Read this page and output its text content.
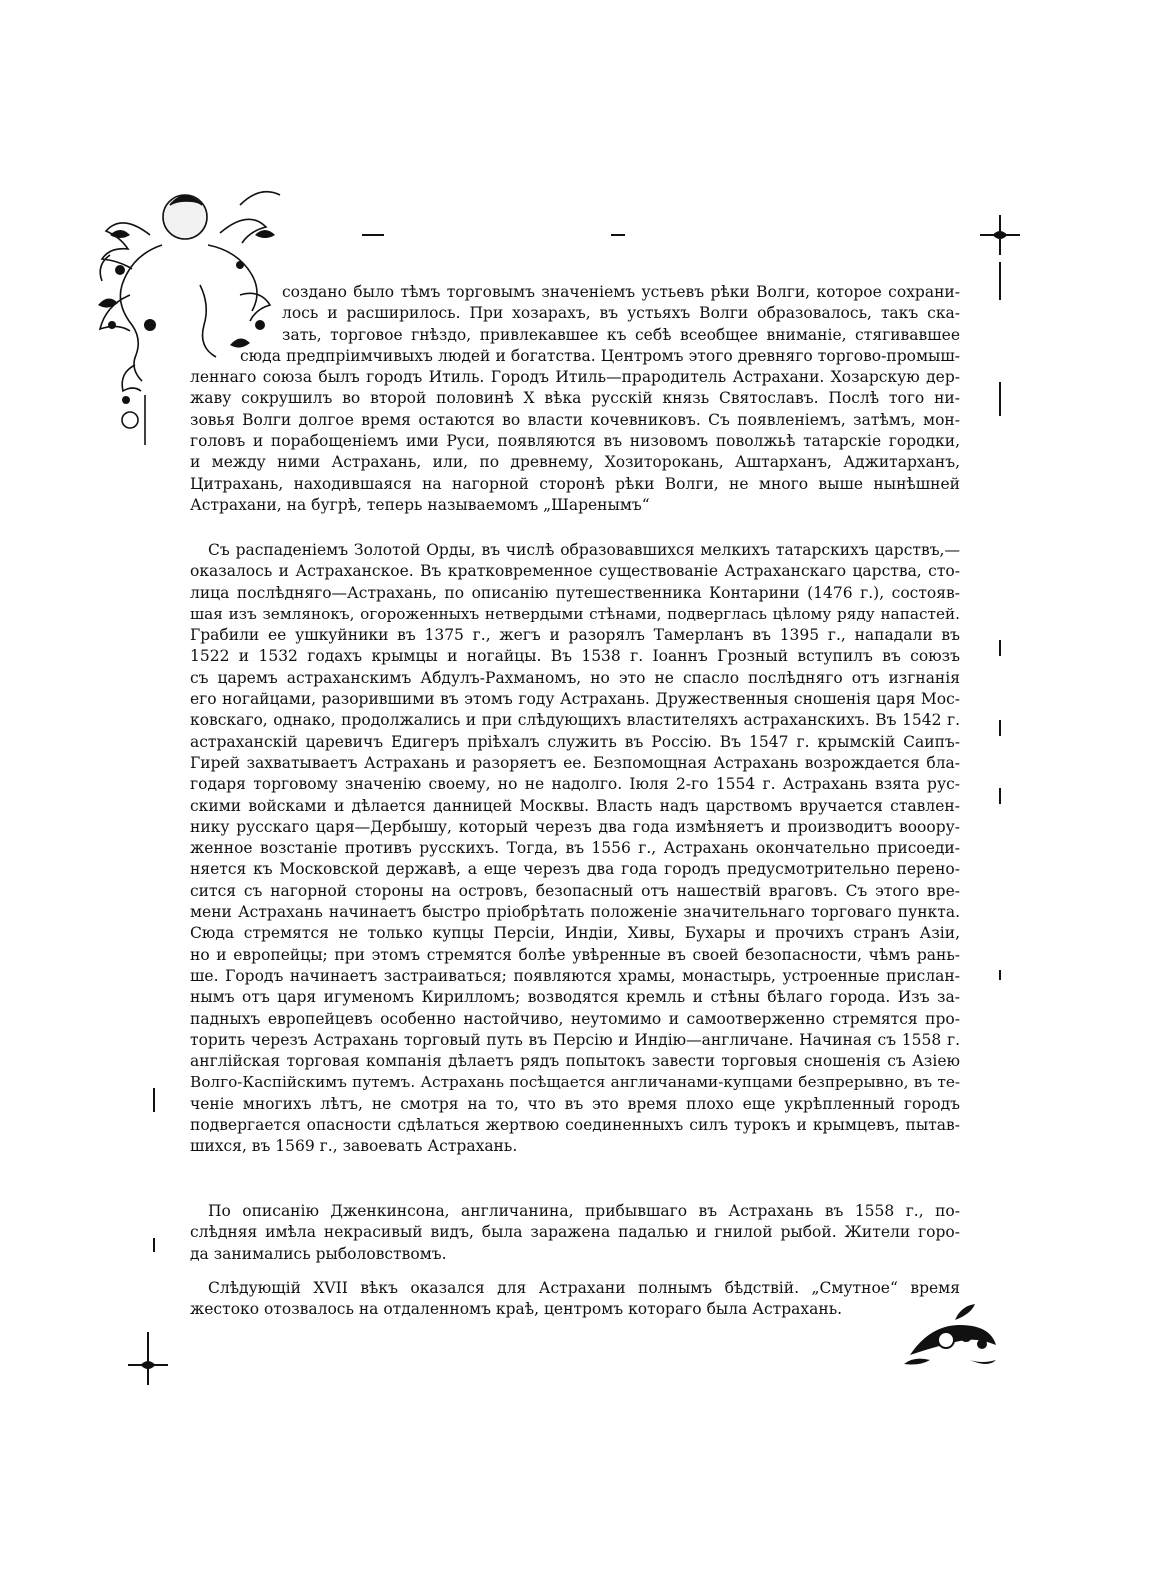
создано было тѣмъ торговымъ значенiемъ устьевъ рѣки Волги, которое сохрани-
лось и расширилось. При хозарахъ, въ устьяхъ Волги образовалось, такъ ска-
зать, торговое гнѣздо, привлекавшее къ себѣ всеобщее вниманiе, стягивавшее
сюда предпрiимчивыхъ людей и богатства. Центромъ этого древняго торгово-промыш-
леннаго союза былъ городъ Итиль. Городъ Итиль—прародитель Астрахани. Хозарскую дер-
жаву сокрушилъ во второй половинѣ X вѣка русскiй князь Святославъ. Послѣ того ни-
зовья Волги долгое время остаются во власти кочевниковъ. Съ появленiемъ, затѣмъ, мон-
головъ и порабощенiемъ ими Руси, появляются въ низовомъ поволжьѣ татарскiе городки,
и между ними Астрахань, или, по древнему, Хозиторокань, Аштарханъ, Аджитарханъ,
Цитрахань, находившаяся на нагорной сторонѣ рѣки Волги, не много выше нынѣшней
Астрахани, на бугрѣ, теперь называемомъ „Шаренымъ“
Съ распаденiемъ Золотой Орды, въ числѣ образовавшихся мелкихъ татарскихъ царствъ,—
оказалось и Астраханское. Въ кратковременное существованiе Астраханскаго царства, сто-
лица послѣдняго—Астрахань, по описанiю путешественника Контарини (1476 г.), состояв-
шая изъ землянокъ, огороженныхъ нетвердыми стѣнами, подверглась цѣлому ряду напастей.
Грабили ее ушкуйники въ 1375 г., жегъ и разорялъ Тамерланъ въ 1395 г., нападали въ
1522 и 1532 годахъ крымцы и ногайцы. Въ 1538 г. Iоаннъ Грозный вступилъ въ союзъ
съ царемъ астраханскимъ Абдулъ-Рахманомъ, но это не спасло послѣдняго отъ изгнанiя
его ногайцами, разорившими въ этомъ году Астрахань. Дружественныя сношенiя царя Мос-
ковскаго, однако, продолжались и при слѣдующихъ властителяхъ астраханскихъ. Въ 1542 г.
астраханскiй царевичъ Едигеръ прiѣхалъ служить въ Россiю. Въ 1547 г. крымскiй Саипъ-
Гирей захватываетъ Астрахань и разоряетъ ее. Безпомощная Астрахань возрождается бла-
годаря торговому значенiю своему, но не надолго. Iюля 2-го 1554 г. Астрахань взята рус-
скими войсками и дѣлается данницей Москвы. Власть надъ царствомъ вручается ставлен-
нику русскаго царя—Дербышу, который черезъ два года измѣняетъ и производитъ вооору-
женное возстанiе противъ русскихъ. Тогда, въ 1556 г., Астрахань окончательно присоеди-
няется къ Московской державѣ, а еще черезъ два года городъ предусмотрительно перено-
сится съ нагорной стороны на островъ, безопасный отъ нашествiй враговъ. Съ этого вре-
мени Астрахань начинаетъ быстро прiобрѣтать положенiе значительнаго торговаго пункта.
Сюда стремятся не только купцы Персiи, Индiи, Хивы, Бухары и прочихъ странъ Азiи,
но и европейцы; при этомъ стремятся болѣе увѣренные въ своей безопасности, чѣмъ рань-
ше. Городъ начинаетъ застраиваться; появляются храмы, монастырь, устроенные прислан-
нымъ отъ царя игуменомъ Кирилломъ; возводятся кремль и стѣны бѣлаго города. Изъ за-
падныхъ европейцевъ особенно настойчиво, неутомимо и самоотверженно стремятся про-
торить черезъ Астрахань торговый путь въ Персiю и Индiю—англичане. Начиная съ 1558 г.
англiйская торговая компанiя дѣлаетъ рядъ попытокъ завести торговыя сношенiя съ Азiею
Волго-Каспiйскимъ путемъ. Астрахань посѣщается англичанами-купцами безпрерывно, въ те-
ченiе многихъ лѣтъ, не смотря на то, что въ это время плохо еще укрѣпленный городъ
подвергается опасности сдѣлаться жертвою соединенныхъ силъ турокъ и крымцевъ, пытав-
шихся, въ 1569 г., завоевать Астрахань.
По описанiю Дженкинсона, англичанина, прибывшаго въ Астрахань въ 1558 г., по-
слѣдняя имѣла некрасивый видъ, была заражена падалью и гнилой рыбой. Жители горо-
да занимались рыболовствомъ.
Слѣдующiй XVII вѣкъ оказался для Астрахани полнымъ бѣдствiй. „Смутное“ время
жестоко отозвалось на отдаленномъ краѣ, центромъ котораго была Астрахань.
